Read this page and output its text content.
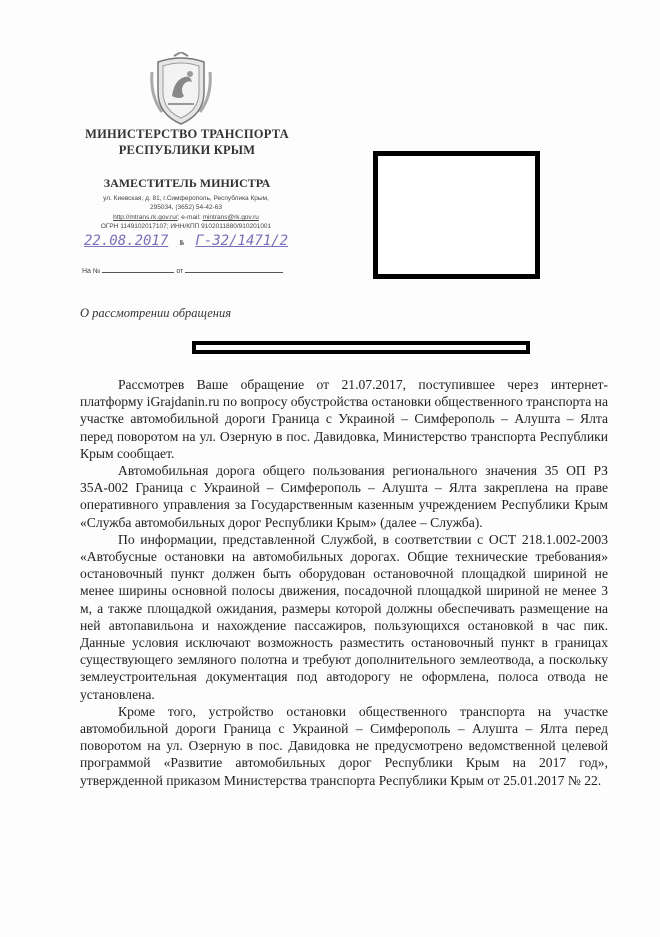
МИНИСТЕРСТВО ТРАНСПОРТА
РЕСПУБЛИКИ КРЫМ
ЗАМЕСТИТЕЛЬ МИНИСТРА
ул. Киевская, д. 81, г.Симферополь, Республика Крым,
295034, (3652) 54-42-63
http://mtrans.rk.gov.ru/; e-mail: mintrans@rk.gov.ru
ОГРН 1149102017107; ИНН/КПП 9102011880/910201001
22.08.2017 № Г-32/1471/2
На №	от
О рассмотрении обращения

Рассмотрев Ваше обращение от 21.07.2017, поступившее через интернет-платформу iGrajdanin.ru по вопросу обустройства остановки общественного транспорта на участке автомобильной дороги Граница с Украиной – Симферополь – Алушта – Ялта перед поворотом на ул. Озерную в пос. Давидовка, Министерство транспорта Республики Крым сообщает.

Автомобильная дорога общего пользования регионального значения 35 ОП РЗ 35А-002 Граница с Украиной – Симферополь – Алушта – Ялта закреплена на праве оперативного управления за Государственным казенным учреждением Республики Крым «Служба автомобильных дорог Республики Крым» (далее – Служба).

По информации, представленной Службой, в соответствии с ОСТ 218.1.002-2003 «Автобусные остановки на автомобильных дорогах. Общие технические требования» остановочный пункт должен быть оборудован остановочной площадкой шириной не менее ширины основной полосы движения, посадочной площадкой шириной не менее 3 м, а также площадкой ожидания, размеры которой должны обеспечивать размещение на ней автопавильона и нахождение пассажиров, пользующихся остановкой в час пик. Данные условия исключают возможность разместить остановочный пункт в границах существующего земляного полотна и требуют дополнительного землеотвода, а поскольку землеустроительная документация под автодорогу не оформлена, полоса отвода не установлена.

Кроме того, устройство остановки общественного транспорта на участке автомобильной дороги Граница с Украиной – Симферополь – Алушта – Ялта перед поворотом на ул. Озерную в пос. Давидовка не предусмотрено ведомственной целевой программой «Развитие автомобильных дорог Республики Крым на 2017 год», утвержденной приказом Министерства транспорта Республики Крым от 25.01.2017 № 22.
